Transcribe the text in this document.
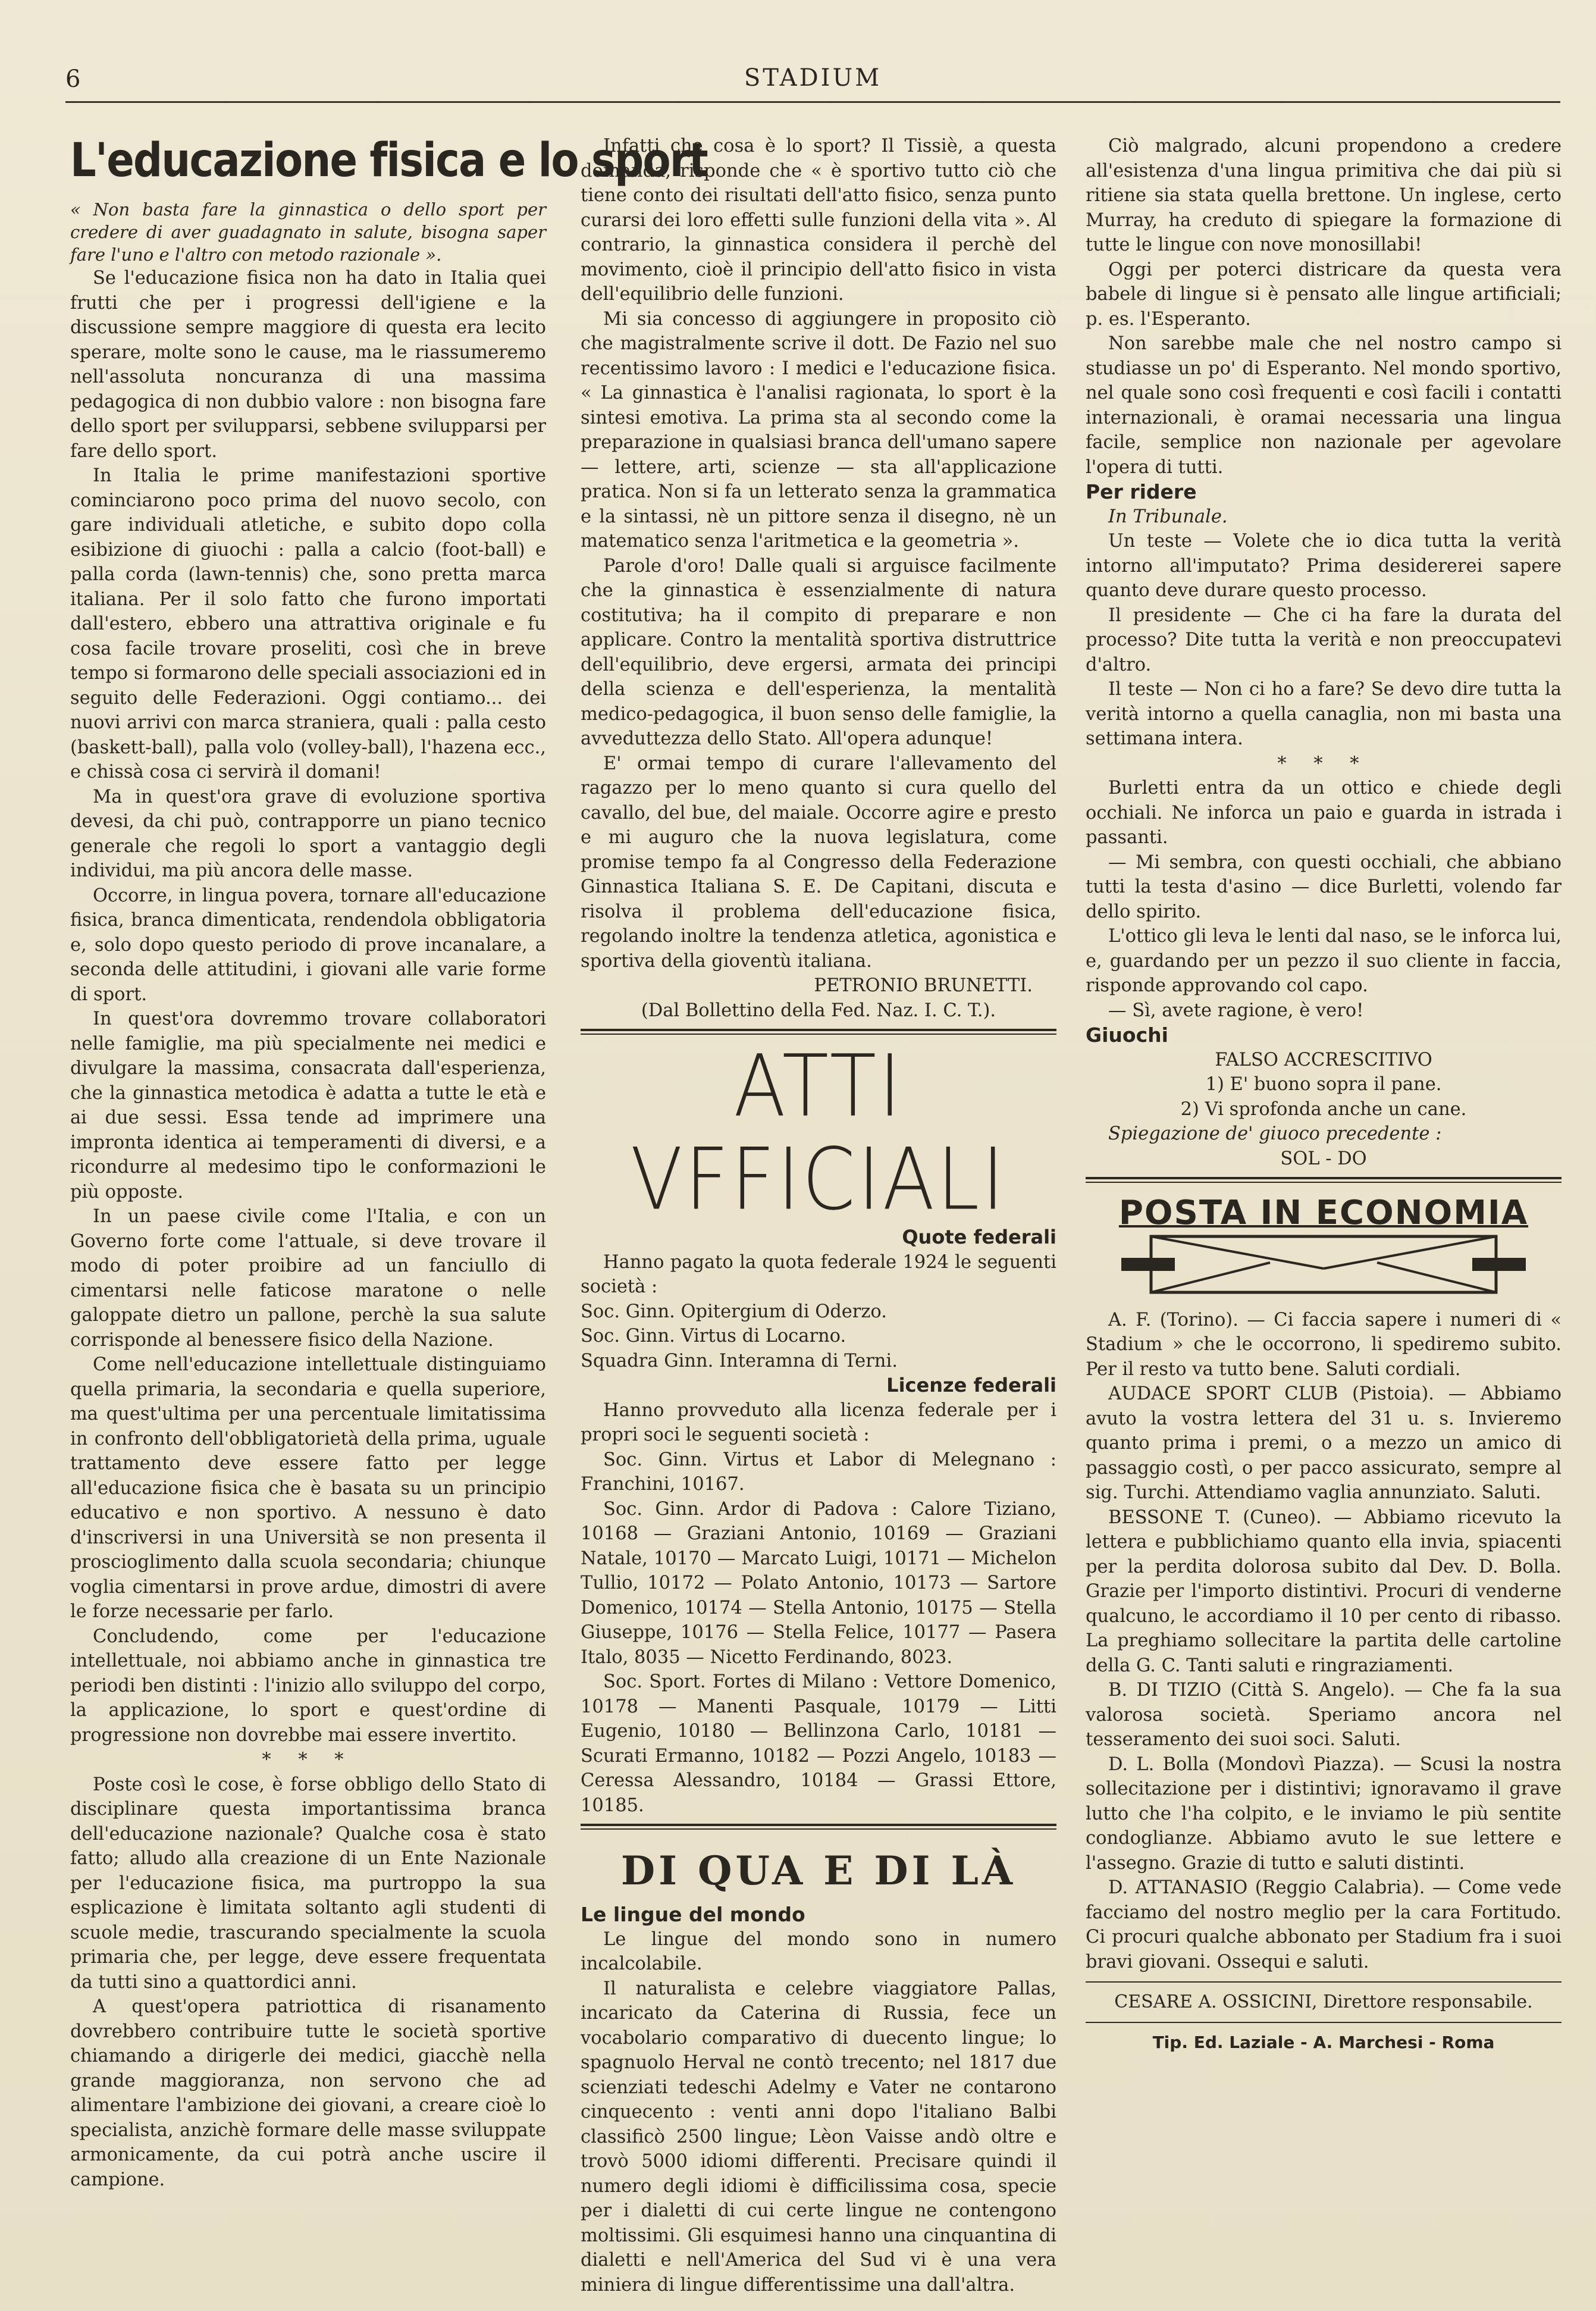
6	STADIUM
L'educazione fisica e lo sport

« Non basta fare la ginnastica o dello sport per credere di aver guadagnato in salute, bisogna saper fare l'uno e l'altro con metodo razionale ».

Se l'educazione fisica non ha dato in Italia quei frutti che per i progressi dell'igiene e la discussione sempre maggiore di questa era lecito sperare, molte sono le cause, ma le riassumeremo nell'assoluta noncuranza di una massima pedagogica di non dubbio valore : non bisogna fare dello sport per svilupparsi, sebbene svilupparsi per fare dello sport.

In Italia le prime manifestazioni sportive cominciarono poco prima del nuovo secolo, con gare individuali atletiche, e subito dopo colla esibizione di giuochi : palla a calcio (foot-ball) e palla corda (lawn-tennis) che, sono pretta marca italiana. Per il solo fatto che furono importati dall'estero, ebbero una attrattiva originale e fu cosa facile trovare proseliti, così che in breve tempo si formarono delle speciali associazioni ed in seguito delle Federazioni. Oggi contiamo... dei nuovi arrivi con marca straniera, quali : palla cesto (baskett-ball), palla volo (volley-ball), l'hazena ecc., e chissà cosa ci servirà il domani!

Ma in quest'ora grave di evoluzione sportiva devesi, da chi può, contrapporre un piano tecnico generale che regoli lo sport a vantaggio degli individui, ma più ancora delle masse.

Occorre, in lingua povera, tornare all'educazione fisica, branca dimenticata, rendendola obbligatoria e, solo dopo questo periodo di prove incanalare, a seconda delle attitudini, i giovani alle varie forme di sport.

In quest'ora dovremmo trovare collaboratori nelle famiglie, ma più specialmente nei medici e divulgare la massima, consacrata dall'esperienza, che la ginnastica metodica è adatta a tutte le età e ai due sessi. Essa tende ad imprimere una impronta identica ai temperamenti di diversi, e a ricondurre al medesimo tipo le conformazioni le più opposte.

In un paese civile come l'Italia, e con un Governo forte come l'attuale, si deve trovare il modo di poter proibire ad un fanciullo di cimentarsi nelle faticose maratone o nelle galoppate dietro un pallone, perchè la sua salute corrisponde al benessere fisico della Nazione.

Come nell'educazione intellettuale distinguiamo quella primaria, la secondaria e quella superiore, ma quest'ultima per una percentuale limitatissima in confronto dell'obbligatorietà della prima, uguale trattamento deve essere fatto per legge all'educazione fisica che è basata su un principio educativo e non sportivo. A nessuno è dato d'inscriversi in una Università se non presenta il proscioglimento dalla scuola secondaria; chiunque voglia cimentarsi in prove ardue, dimostri di avere le forze necessarie per farlo.

Concludendo, come per l'educazione intellettuale, noi abbiamo anche in ginnastica tre periodi ben distinti : l'inizio allo sviluppo del corpo, la applicazione, lo sport e quest'ordine di progressione non dovrebbe mai essere invertito.

* * *

Poste così le cose, è forse obbligo dello Stato di disciplinare questa importantissima branca dell'educazione nazionale? Qualche cosa è stato fatto; alludo alla creazione di un Ente Nazionale per l'educazione fisica, ma purtroppo la sua esplicazione è limitata soltanto agli studenti di scuole medie, trascurando specialmente la scuola primaria che, per legge, deve essere frequentata da tutti sino a quattordici anni.

A quest'opera patriottica di risanamento dovrebbero contribuire tutte le società sportive chiamando a dirigerle dei medici, giacchè nella grande maggioranza, non servono che ad alimentare l'ambizione dei giovani, a creare cioè lo specialista, anzichè formare delle masse sviluppate armonicamente, da cui potrà anche uscire il campione.

Infatti che cosa è lo sport? Il Tissiè, a questa domanda, risponde che « è sportivo tutto ciò che tiene conto dei risultati dell'atto fisico, senza punto curarsi dei loro effetti sulle funzioni della vita ». Al contrario, la ginnastica considera il perchè del movimento, cioè il principio dell'atto fisico in vista dell'equilibrio delle funzioni.

Mi sia concesso di aggiungere in proposito ciò che magistralmente scrive il dott. De Fazio nel suo recentissimo lavoro : I medici e l'educazione fisica. « La ginnastica è l'analisi ragionata, lo sport è la sintesi emotiva. La prima sta al secondo come la preparazione in qualsiasi branca dell'umano sapere — lettere, arti, scienze — sta all'applicazione pratica. Non si fa un letterato senza la grammatica e la sintassi, nè un pittore senza il disegno, nè un matematico senza l'aritmetica e la geometria ».

Parole d'oro! Dalle quali si arguisce facilmente che la ginnastica è essenzialmente di natura costitutiva; ha il compito di preparare e non applicare. Contro la mentalità sportiva distruttrice dell'equilibrio, deve ergersi, armata dei principi della scienza e dell'esperienza, la mentalità medico-pedagogica, il buon senso delle famiglie, la avveduttezza dello Stato. All'opera adunque!

E' ormai tempo di curare l'allevamento del ragazzo per lo meno quanto si cura quello del cavallo, del bue, del maiale. Occorre agire e presto e mi auguro che la nuova legislatura, come promise tempo fa al Congresso della Federazione Ginnastica Italiana S. E. De Capitani, discuta e risolva il problema dell'educazione fisica, regolando inoltre la tendenza atletica, agonistica e sportiva della gioventù italiana.

PETRONIO BRUNETTI.

(Dal Bollettino della Fed. Naz. I. C. T.).

ATTI VFFICIALI

Quote federali

Hanno pagato la quota federale 1924 le seguenti società :

Soc. Ginn. Opitergium di Oderzo.

Soc. Ginn. Virtus di Locarno.

Squadra Ginn. Interamna di Terni.

Licenze federali

Hanno provveduto alla licenza federale per i propri soci le seguenti società :

Soc. Ginn. Virtus et Labor di Melegnano : Franchini, 10167.

Soc. Ginn. Ardor di Padova : Calore Tiziano, 10168 — Graziani Antonio, 10169 — Graziani Natale, 10170 — Marcato Luigi, 10171 — Michelon Tullio, 10172 — Polato Antonio, 10173 — Sartore Domenico, 10174 — Stella Antonio, 10175 — Stella Giuseppe, 10176 — Stella Felice, 10177 — Pasera Italo, 8035 — Nicetto Ferdinando, 8023.

Soc. Sport. Fortes di Milano : Vettore Domenico, 10178 — Manenti Pasquale, 10179 — Litti Eugenio, 10180 — Bellinzona Carlo, 10181 — Scurati Ermanno, 10182 — Pozzi Angelo, 10183 — Ceressa Alessandro, 10184 — Grassi Ettore, 10185.

DI QUA E DI LÀ

Le lingue del mondo

Le lingue del mondo sono in numero incalcolabile.

Il naturalista e celebre viaggiatore Pallas, incaricato da Caterina di Russia, fece un vocabolario comparativo di duecento lingue; lo spagnuolo Herval ne contò trecento; nel 1817 due scienziati tedeschi Adelmy e Vater ne contarono cinquecento : venti anni dopo l'italiano Balbi classificò 2500 lingue; Lèon Vaisse andò oltre e trovò 5000 idiomi differenti. Precisare quindi il numero degli idiomi è difficilissima cosa, specie per i dialetti di cui certe lingue ne contengono moltissimi. Gli esquimesi hanno una cinquantina di dialetti e nell'America del Sud vi è una vera miniera di lingue differentissime una dall'altra.

Ciò malgrado, alcuni propendono a credere all'esistenza d'una lingua primitiva che dai più si ritiene sia stata quella brettone. Un inglese, certo Murray, ha creduto di spiegare la formazione di tutte le lingue con nove monosillabi!

Oggi per poterci districare da questa vera babele di lingue si è pensato alle lingue artificiali; p. es. l'Esperanto.

Non sarebbe male che nel nostro campo si studiasse un po' di Esperanto. Nel mondo sportivo, nel quale sono così frequenti e così facili i contatti internazionali, è oramai necessaria una lingua facile, semplice non nazionale per agevolare l'opera di tutti.

Per ridere

In Tribunale.

Un teste — Volete che io dica tutta la verità intorno all'imputato? Prima desidererei sapere quanto deve durare questo processo.

Il presidente — Che ci ha fare la durata del processo? Dite tutta la verità e non preoccupatevi d'altro.

Il teste — Non ci ho a fare? Se devo dire tutta la verità intorno a quella canaglia, non mi basta una settimana intera.

* * *

Burletti entra da un ottico e chiede degli occhiali. Ne inforca un paio e guarda in istrada i passanti.

— Mi sembra, con questi occhiali, che abbiano tutti la testa d'asino — dice Burletti, volendo far dello spirito.

L'ottico gli leva le lenti dal naso, se le inforca lui, e, guardando per un pezzo il suo cliente in faccia, risponde approvando col capo.

— Sì, avete ragione, è vero!

Giuochi

FALSO ACCRESCITIVO

1) E' buono sopra il pane.

2) Vi sprofonda anche un cane.

Spiegazione de' giuoco precedente :

SOL - DO

POSTA IN ECONOMIA

A. F. (Torino). — Ci faccia sapere i numeri di « Stadium » che le occorrono, li spediremo subito. Per il resto va tutto bene. Saluti cordiali.

AUDACE SPORT CLUB (Pistoia). — Abbiamo avuto la vostra lettera del 31 u. s. Invieremo quanto prima i premi, o a mezzo un amico di passaggio costì, o per pacco assicurato, sempre al sig. Turchi. Attendiamo vaglia annunziato. Saluti.

BESSONE T. (Cuneo). — Abbiamo ricevuto la lettera e pubblichiamo quanto ella invia, spiacenti per la perdita dolorosa subito dal Dev. D. Bolla. Grazie per l'importo distintivi. Procuri di venderne qualcuno, le accordiamo il 10 per cento di ribasso. La preghiamo sollecitare la partita delle cartoline della G. C. Tanti saluti e ringraziamenti.

B. DI TIZIO (Città S. Angelo). — Che fa la sua valorosa società. Speriamo ancora nel tesseramento dei suoi soci. Saluti.

D. L. Bolla (Mondovì Piazza). — Scusi la nostra sollecitazione per i distintivi; ignoravamo il grave lutto che l'ha colpito, e le inviamo le più sentite condoglianze. Abbiamo avuto le sue lettere e l'assegno. Grazie di tutto e saluti distinti.

D. ATTANASIO (Reggio Calabria). — Come vede facciamo del nostro meglio per la cara Fortitudo. Ci procuri qualche abbonato per Stadium fra i suoi bravi giovani. Ossequi e saluti.

CESARE A. OSSICINI, Direttore responsabile.

Tip. Ed. Laziale - A. Marchesi - Roma
